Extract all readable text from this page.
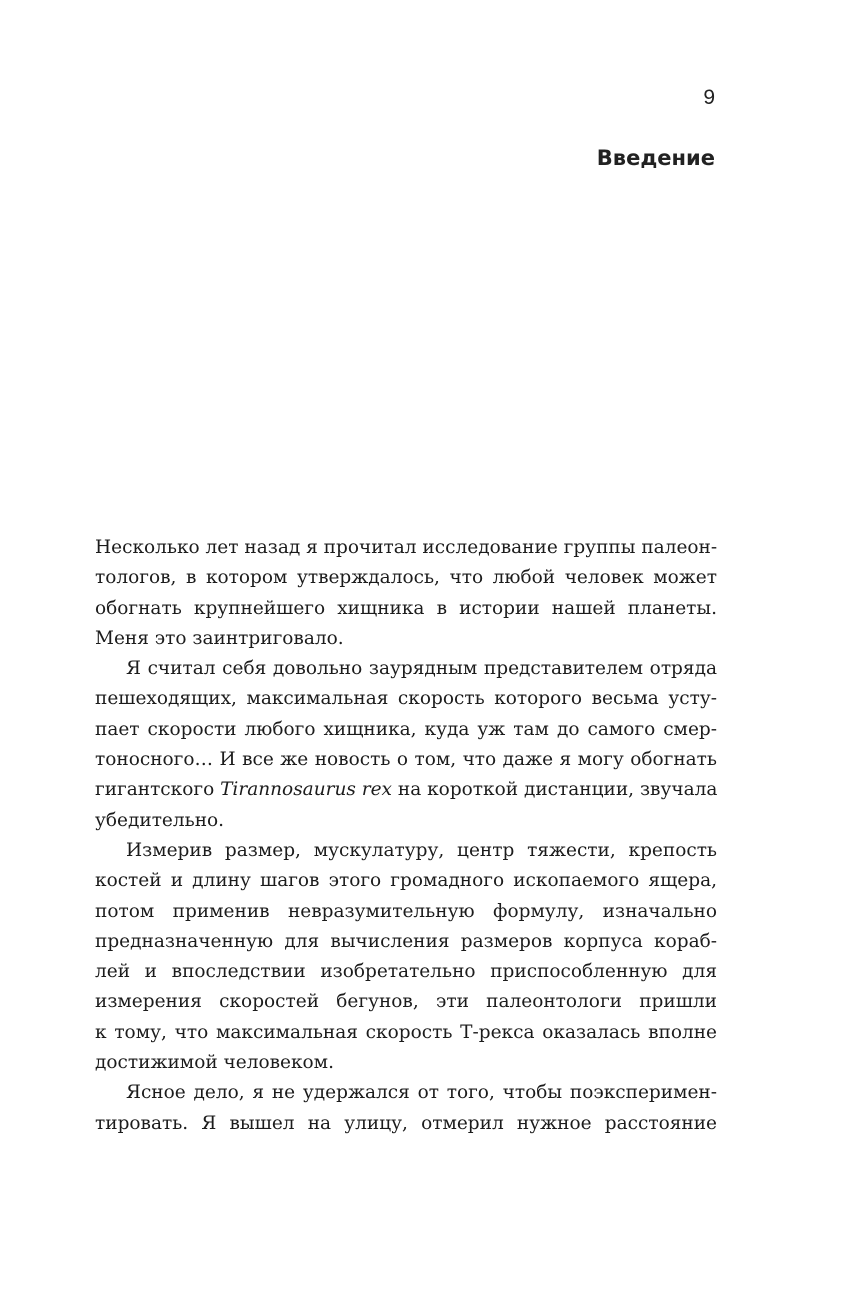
9
Введение
Несколько лет назад я прочитал исследование группы палеон-
тологов, в котором утверждалось, что любой человек может
обогнать крупнейшего хищника в истории нашей планеты.
Меня это заинтриговало.
Я считал себя довольно заурядным представителем отряда
пешеходящих, максимальная скорость которого весьма усту-
пает скорости любого хищника, куда уж там до самого смер-
тоносного… И все же новость о том, что даже я могу обогнать
гигантского Tirannosaurus rex на короткой дистанции, звучала
убедительно.
Измерив размер, мускулатуру, центр тяжести, крепость
костей и длину шагов этого громадного ископаемого ящера,
потом применив невразумительную формулу, изначально
предназначенную для вычисления размеров корпуса кораб-
лей и впоследствии изобретательно приспособленную для
измерения скоростей бегунов, эти палеонтологи пришли
к тому, что максимальная скорость Т-рекса оказалась вполне
достижимой человеком.
Ясное дело, я не удержался от того, чтобы поэксперимен-
тировать. Я вышел на улицу, отмерил нужное расстояние
